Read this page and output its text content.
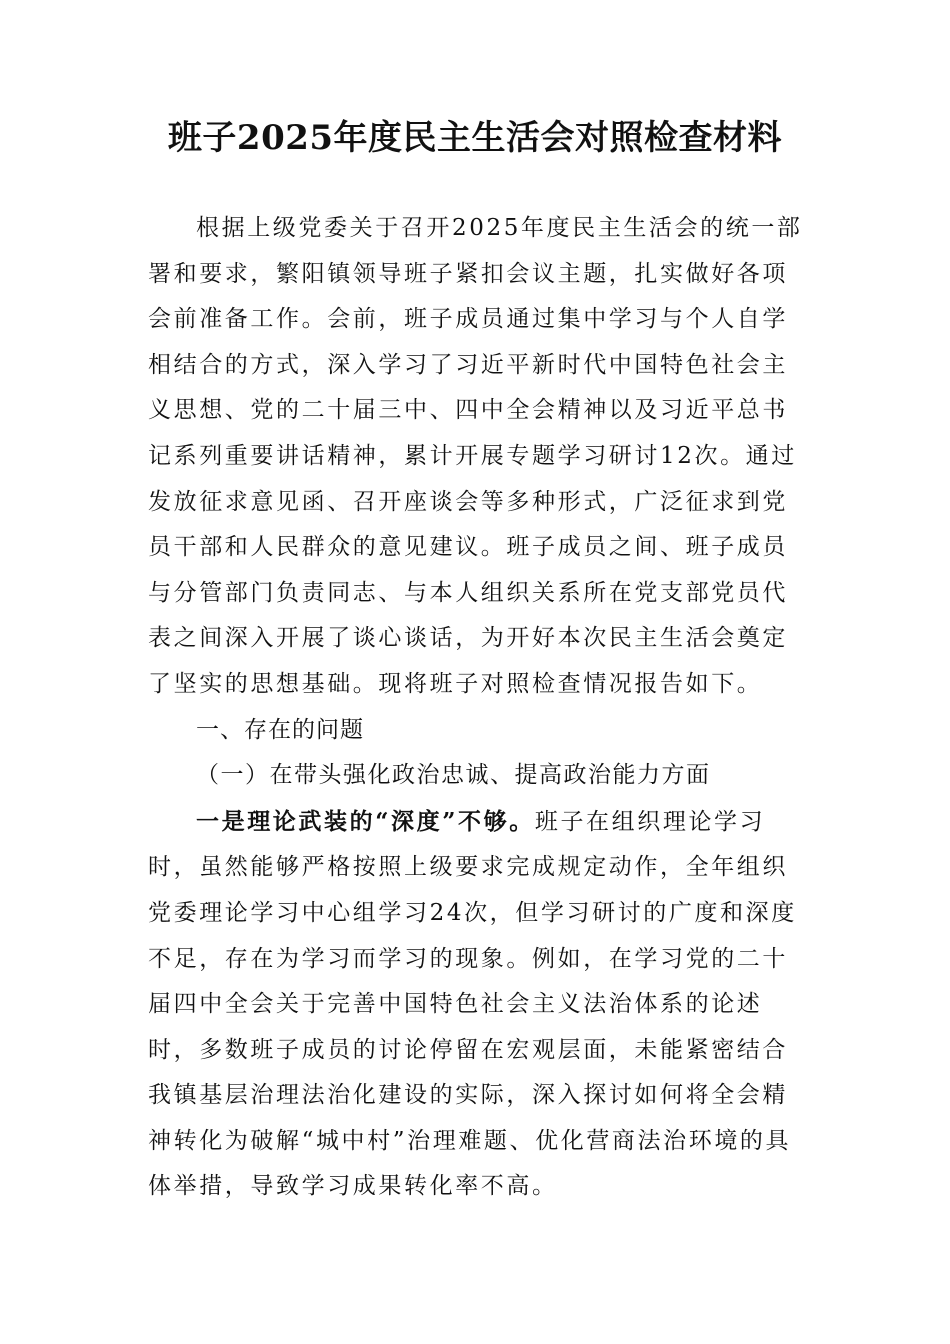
班子2025年度民主生活会对照检查材料

根据上级党委关于召开2025年度民主生活会的统一部署和要求，繁阳镇领导班子紧扣会议主题，扎实做好各项会前准备工作。会前，班子成员通过集中学习与个人自学相结合的方式，深入学习了习近平新时代中国特色社会主义思想、党的二十届三中、四中全会精神以及习近平总书记系列重要讲话精神，累计开展专题学习研讨12次。通过发放征求意见函、召开座谈会等多种形式，广泛征求到党员干部和人民群众的意见建议。班子成员之间、班子成员与分管部门负责同志、与本人组织关系所在党支部党员代表之间深入开展了谈心谈话，为开好本次民主生活会奠定了坚实的思想基础。现将班子对照检查情况报告如下。

一、存在的问题

（一）在带头强化政治忠诚、提高政治能力方面

一是理论武装的“深度”不够。班子在组织理论学习时，虽然能够严格按照上级要求完成规定动作，全年组织党委理论学习中心组学习24次，但学习研讨的广度和深度不足，存在为学习而学习的现象。例如，在学习党的二十届四中全会关于完善中国特色社会主义法治体系的论述时，多数班子成员的讨论停留在宏观层面，未能紧密结合我镇基层治理法治化建设的实际，深入探讨如何将全会精神转化为破解“城中村”治理难题、优化营商法治环境的具体举措，导致学习成果转化率不高。
